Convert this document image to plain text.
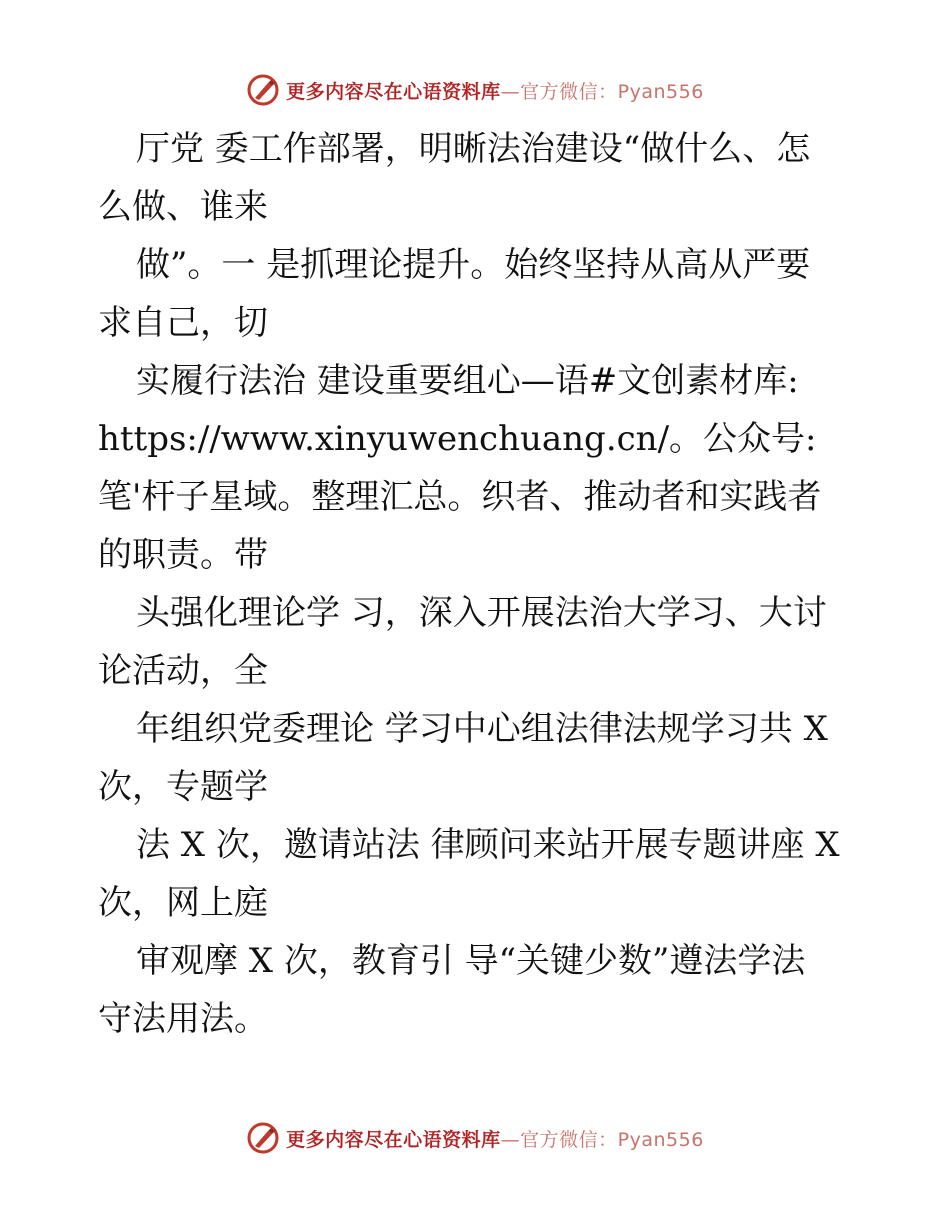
更多内容尽在心语资料库—官方微信：Pyan556

厅党 委工作部署，明晰法治建设“做什么、怎

么做、谁来

做”。一 是抓理论提升。始终坚持从高从严要

求自己，切

实履行法治 建设重要组心—语#文创素材库:

https://www.xinyuwenchuang.cn/。公众号:

笔'杆子星域。整理汇总。织者、推动者和实践者

的职责。带

头强化理论学 习，深入开展法治大学习、大讨

论活动，全

年组织党委理论 学习中心组法律法规学习共 X

次，专题学

法 X 次，邀请站法 律顾问来站开展专题讲座 X

次，网上庭

审观摩 X 次，教育引 导“关键少数”遵法学法

守法用法。

更多内容尽在心语资料库—官方微信：Pyan556
